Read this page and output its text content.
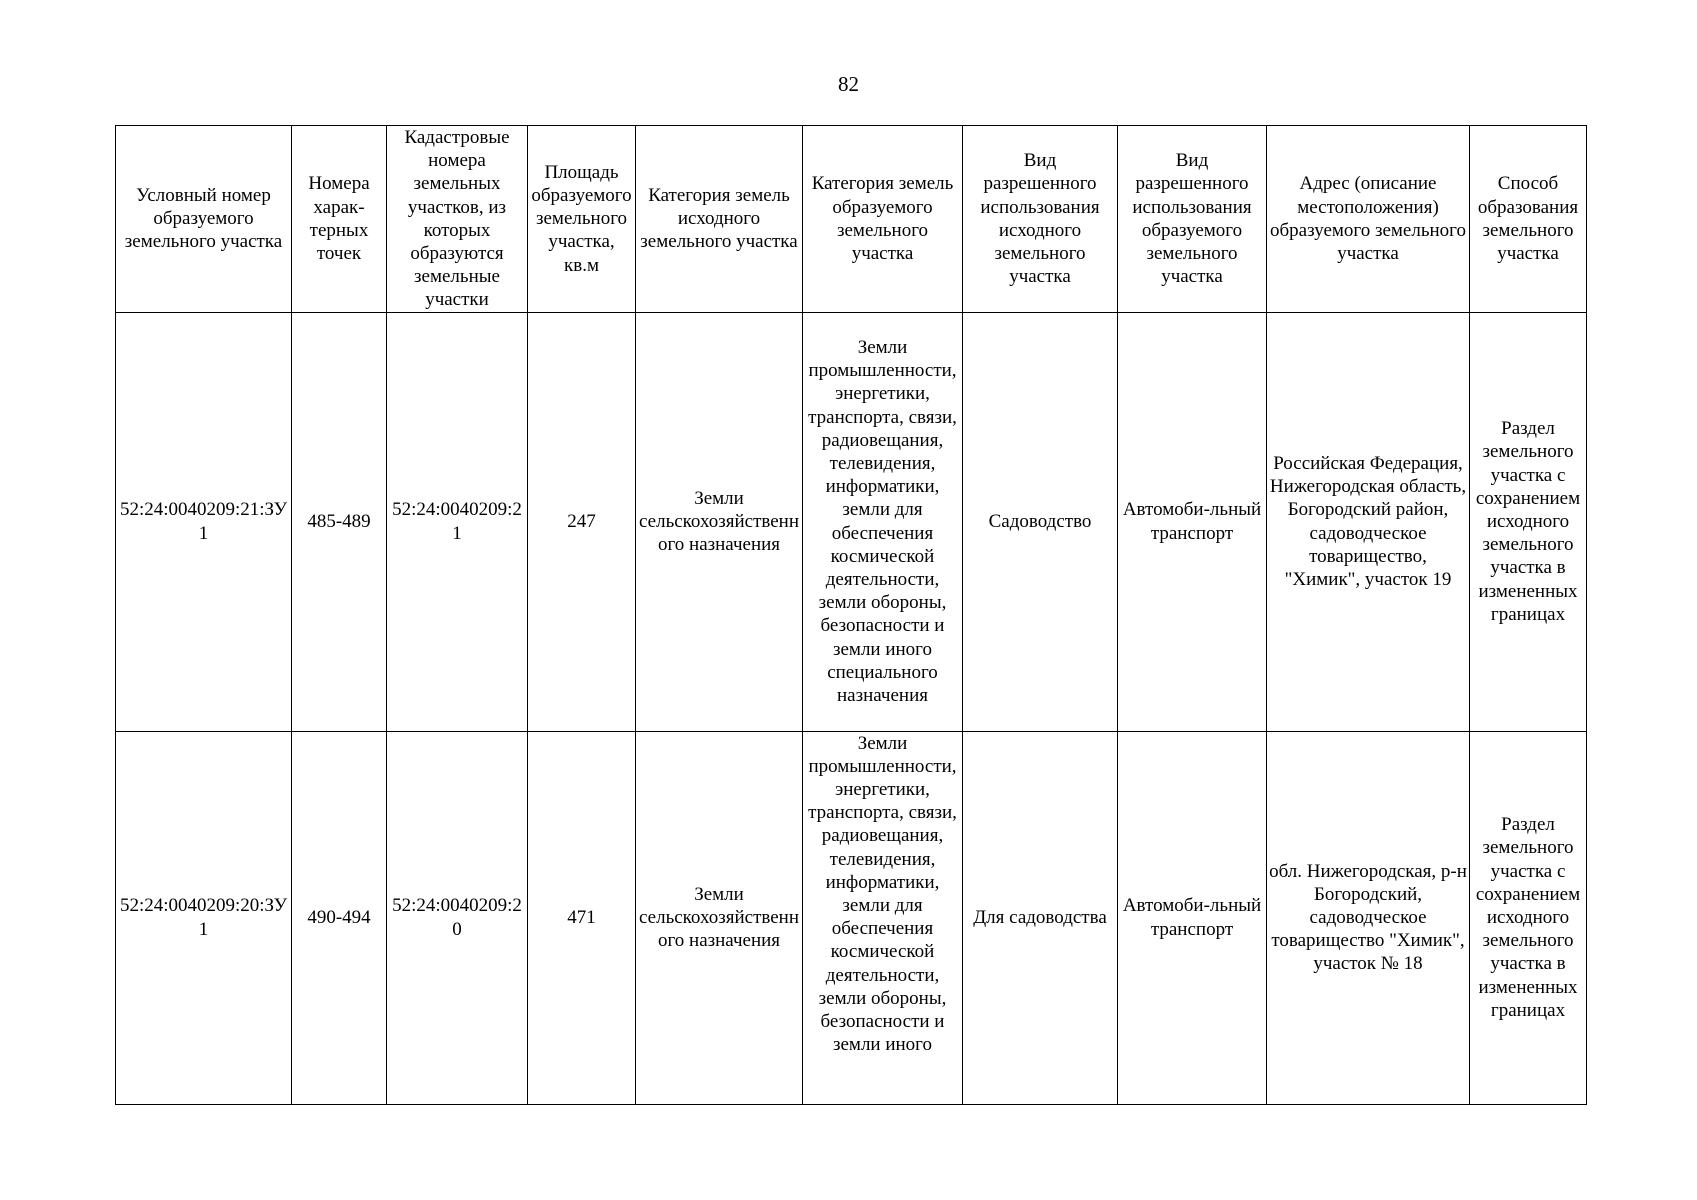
82
Условный номер образуемого земельного участка	Номера харак-терных точек	Кадастровые номера земельных участков, из которых образуются земельные участки	Площадь образуемого земельного участка, кв.м	Категория земель исходного земельного участка	Категория земель образуемого земельного участка	Вид разрешенного использования исходного земельного участка	Вид разрешенного использования образуемого земельного участка	Адрес (описание местоположения) образуемого земельного участка	Способ образования земельного участка
52:24:0040209:21:ЗУ1	485-489	52:24:0040209:21	247	Земли сельскохозяйственного назначения	Земли промышленности, энергетики, транспорта, связи, радиовещания, телевидения, информатики, земли для обеспечения космической деятельности, земли обороны, безопасности и земли иного специального назначения	Садоводство	Автомоби-льный транспорт	Российская Федерация, Нижегородская область, Богородский район, садоводческое товарищество, "Химик", участок 19	Раздел земельного участка с сохранением исходного земельного участка в измененных границах
52:24:0040209:20:ЗУ1	490-494	52:24:0040209:20	471	Земли сельскохозяйственного назначения	Земли промышленности, энергетики, транспорта, связи, радиовещания, телевидения, информатики, земли для обеспечения космической деятельности, земли обороны, безопасности и земли иного	Для садоводства	Автомоби-льный транспорт	обл. Нижегородская, р-н Богородский, садоводческое товарищество "Химик", участок № 18	Раздел земельного участка с сохранением исходного земельного участка в измененных границах
